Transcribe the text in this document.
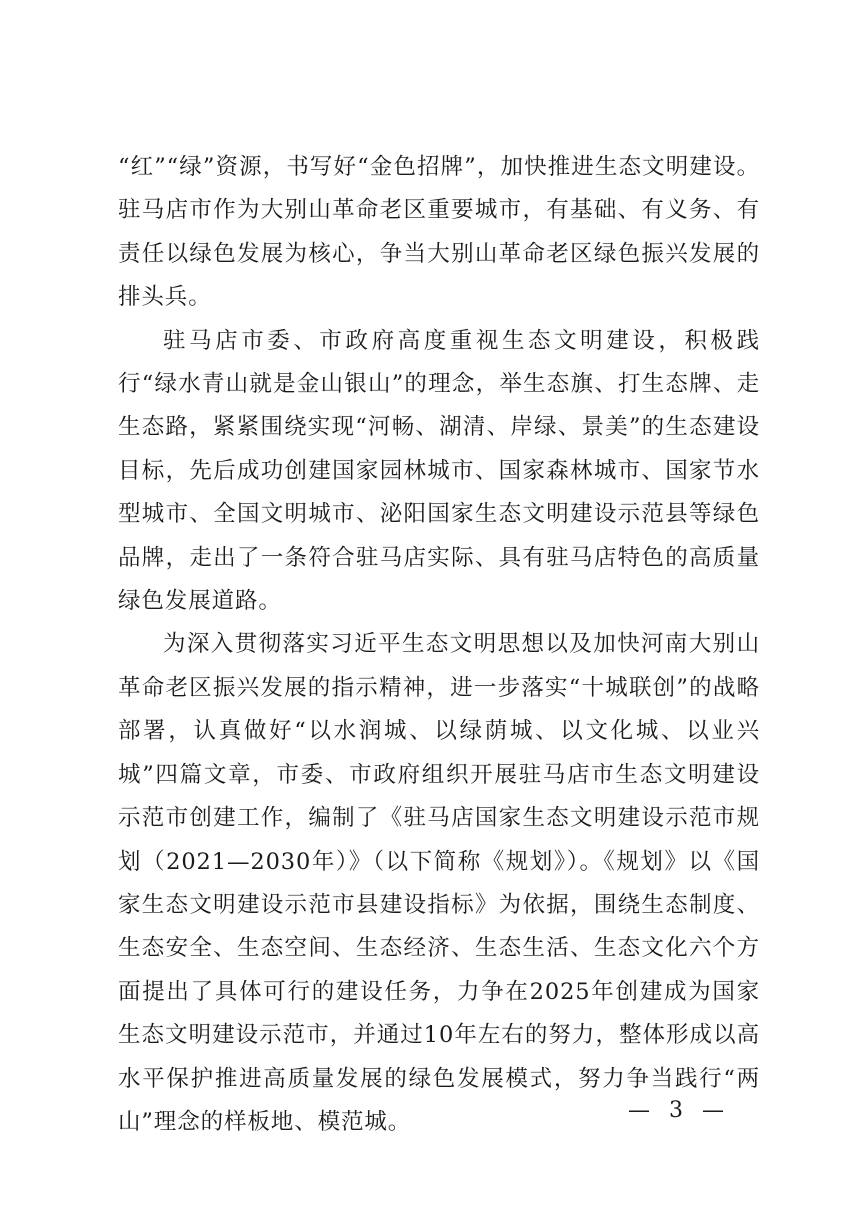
“红”“绿”资源，书写好“金色招牌”，加快推进生态文明建设。驻马店市作为大别山革命老区重要城市，有基础、有义务、有责任以绿色发展为核心，争当大别山革命老区绿色振兴发展的排头兵。

驻马店市委、市政府高度重视生态文明建设，积极践行“绿水青山就是金山银山”的理念，举生态旗、打生态牌、走生态路，紧紧围绕实现“河畅、湖清、岸绿、景美”的生态建设目标，先后成功创建国家园林城市、国家森林城市、国家节水型城市、全国文明城市、泌阳国家生态文明建设示范县等绿色品牌，走出了一条符合驻马店实际、具有驻马店特色的高质量绿色发展道路。

为深入贯彻落实习近平生态文明思想以及加快河南大别山革命老区振兴发展的指示精神，进一步落实“十城联创”的战略部署，认真做好“以水润城、以绿荫城、以文化城、以业兴城”四篇文章，市委、市政府组织开展驻马店市生态文明建设示范市创建工作，编制了《驻马店国家生态文明建设示范市规划（2021—2030年）》（以下简称《规划》）。《规划》以《国家生态文明建设示范市县建设指标》为依据，围绕生态制度、生态安全、生态空间、生态经济、生态生活、生态文化六个方面提出了具体可行的建设任务，力争在2025年创建成为国家生态文明建设示范市，并通过10年左右的努力，整体形成以高水平保护推进高质量发展的绿色发展模式，努力争当践行“两山”理念的样板地、模范城。	— 3 —
